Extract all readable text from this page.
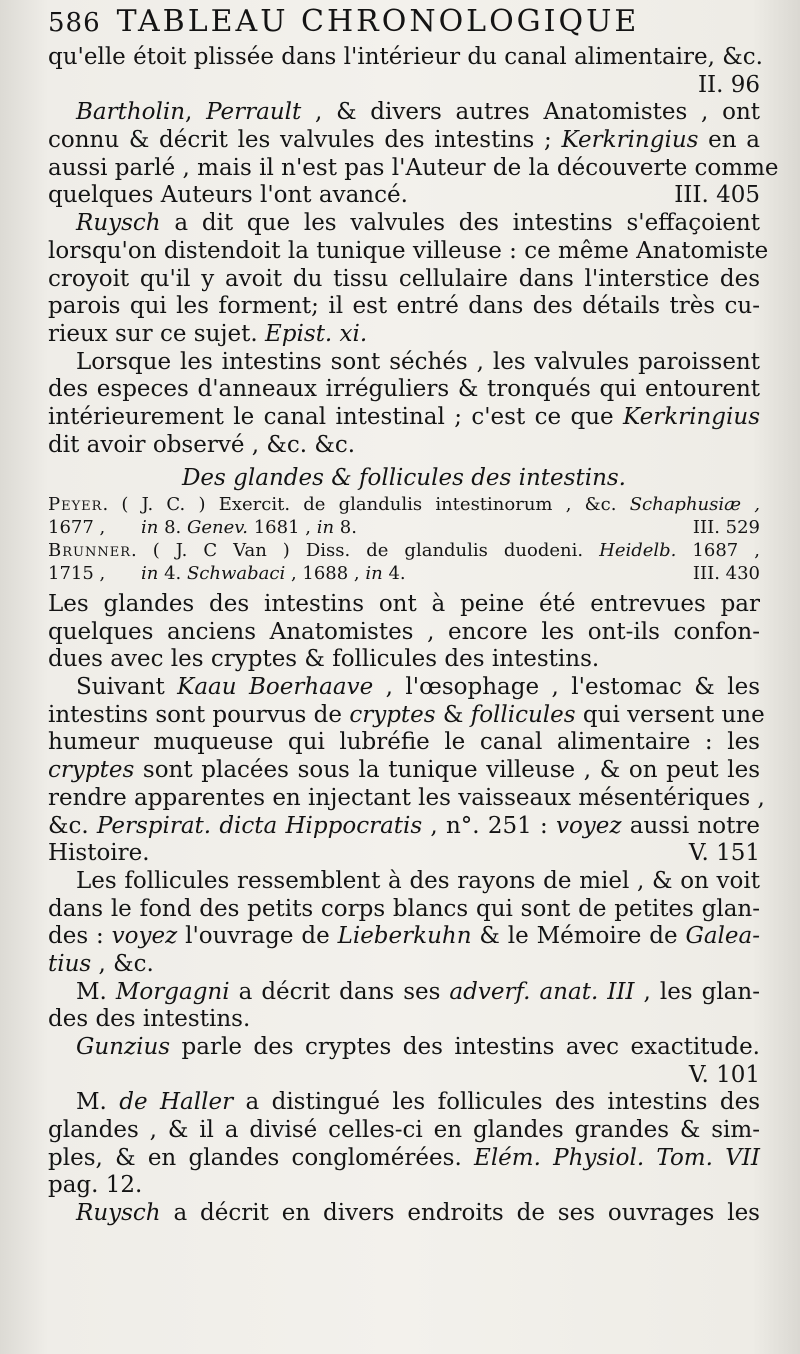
586 TABLEAU CHRONOLOGIQUE
qu'elle étoit plissée dans l'intérieur du canal alimentaire, &c.
II. 96
Bartholin, Perrault , & divers autres Anatomistes , ont
connu & décrit les valvules des intestins ; Kerkringius en a
aussi parlé , mais il n'est pas l'Auteur de la découverte comme
quelques Auteurs l'ont avancé.	III. 405
Ruysch a dit que les valvules des intestins s'effaçoient
lorsqu'on distendoit la tunique villeuse : ce même Anatomiste
croyoit qu'il y avoit du tissu cellulaire dans l'interstice des
parois qui les forment; il est entré dans des détails très cu-
rieux sur ce sujet. Epist. xi.
Lorsque les intestins sont séchés , les valvules paroissent
des especes d'anneaux irréguliers & tronqués qui entourent
intérieurement le canal intestinal ; c'est ce que Kerkringius
dit avoir observé , &c. &c.
Des glandes & follicules des intestins.
Peyer. ( J. C. ) Exercit. de glandulis intestinorum , &c. Schaphusiæ ,
1677 , in 8. Genev. 1681 , in 8.	III. 529
Brunner. ( J. C Van ) Diss. de glandulis duodeni. Heidelb. 1687 ,
1715 , in 4. Schwabaci , 1688 , in 4.	III. 430
Les glandes des intestins ont à peine été entrevues par
quelques anciens Anatomistes , encore les ont-ils confon-
dues avec les cryptes & follicules des intestins.
Suivant Kaau Boerhaave , l'œsophage , l'estomac & les
intestins sont pourvus de cryptes & follicules qui versent une
humeur muqueuse qui lubréfie le canal alimentaire : les
cryptes sont placées sous la tunique villeuse , & on peut les
rendre apparentes en injectant les vaisseaux mésentériques ,
&c. Perspirat. dicta Hippocratis , n°. 251 : voyez aussi notre
Histoire.	V. 151
Les follicules ressemblent à des rayons de miel , & on voit
dans le fond des petits corps blancs qui sont de petites glan-
des : voyez l'ouvrage de Lieberkuhn & le Mémoire de Galea-
tius , &c.
M. Morgagni a décrit dans ses adverf. anat. III , les glan-
des des intestins.
Gunzius parle des cryptes des intestins avec exactitude.
V. 101
M. de Haller a distingué les follicules des intestins des
glandes , & il a divisé celles-ci en glandes grandes & sim-
ples, & en glandes conglomérées. Elém. Physiol. Tom. VII
pag. 12.
Ruysch a décrit en divers endroits de ses ouvrages les
